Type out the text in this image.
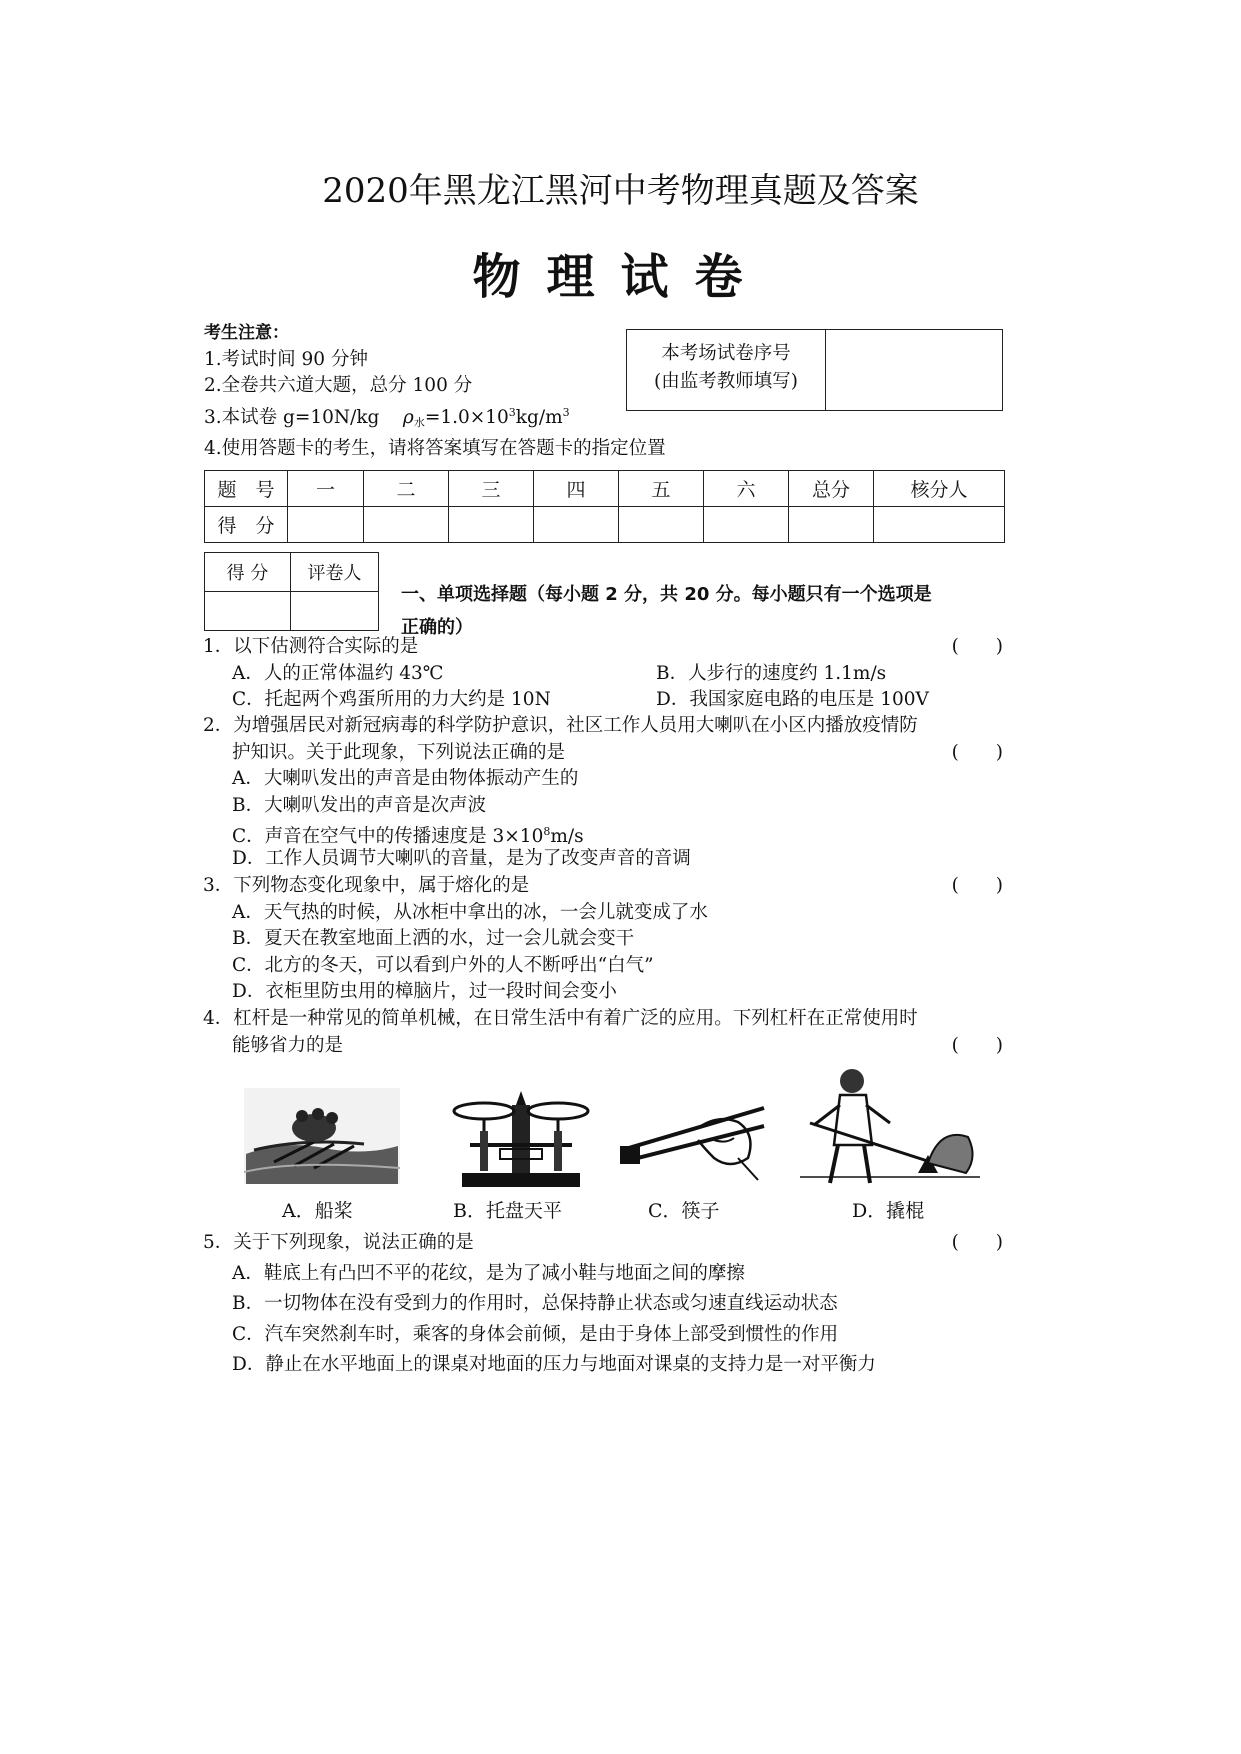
2020年黑龙江黑河中考物理真题及答案
物理试卷
考生注意：
1.考试时间 90 分钟
2.全卷共六道大题，总分 100 分
3.本试卷 g=10N/kg $\rho_水=1.0\times 10^3kg/m^3$
4.使用答题卡的考生，请将答案填写在答题卡的指定位置
本考场试卷序号
(由监考教师填写)
题　号	一	二	三	四	五	六	总分	核分人
得　分								
得 分	评卷人

一、单项选择题（每小题 2 分，共 20 分。每小题只有一个选项是
正确的）
1．以下估测符合实际的是	(　　)
A．人的正常体温约 43℃	B．人步行的速度约 1.1m/s
C．托起两个鸡蛋所用的力大约是 10N	D．我国家庭电路的电压是 100V
2．为增强居民对新冠病毒的科学防护意识，社区工作人员用大喇叭在小区内播放疫情防
护知识。关于此现象，下列说法正确的是	(　　)
A．大喇叭发出的声音是由物体振动产生的
B．大喇叭发出的声音是次声波
C．声音在空气中的传播速度是 $3\times 10^8m/s$
D．工作人员调节大喇叭的音量，是为了改变声音的音调
3．下列物态变化现象中，属于熔化的是	(　　)
A．天气热的时候，从冰柜中拿出的冰，一会儿就变成了水
B．夏天在教室地面上洒的水，过一会儿就会变干
C．北方的冬天，可以看到户外的人不断呼出“白气”
D．衣柜里防虫用的樟脑片，过一段时间会变小
4．杠杆是一种常见的简单机械，在日常生活中有着广泛的应用。下列杠杆在正常使用时
能够省力的是	(　　)
A．船桨	B．托盘天平	C．筷子	D．撬棍
5．关于下列现象，说法正确的是	(　　)
A．鞋底上有凸凹不平的花纹，是为了减小鞋与地面之间的摩擦
B．一切物体在没有受到力的作用时，总保持静止状态或匀速直线运动状态
C．汽车突然刹车时，乘客的身体会前倾，是由于身体上部受到惯性的作用
D．静止在水平地面上的课桌对地面的压力与地面对课桌的支持力是一对平衡力
